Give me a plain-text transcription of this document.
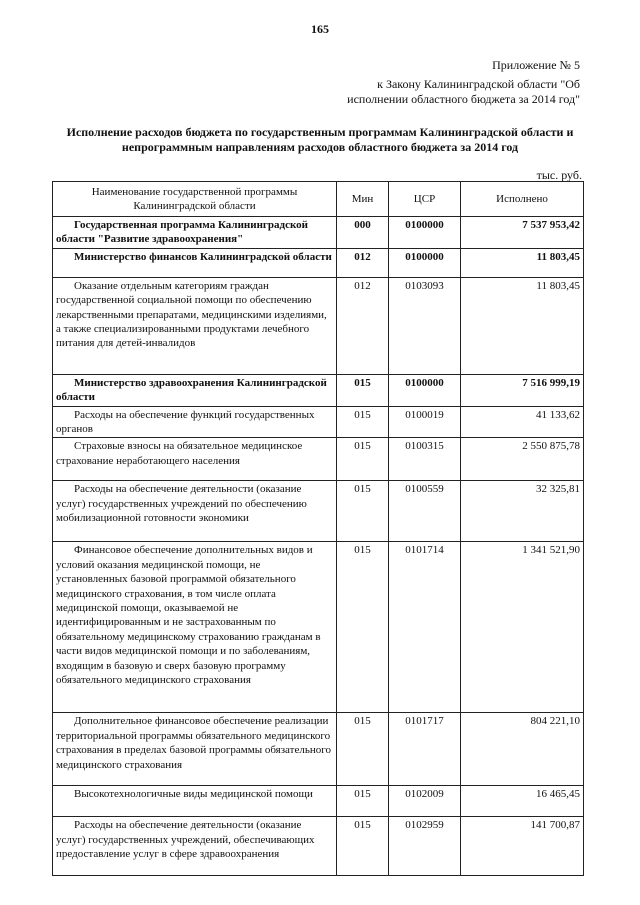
165
Приложение № 5
к Закону Калининградской области "Об
исполнении областного бюджета за 2014 год"
Исполнение расходов бюджета по государственным программам Калининградской области и
непрограммным направлениям расходов областного бюджета за 2014 год
тыс. руб.
Наименование государственной программы Калининградской области	Мин	ЦСР	Исполнено
Государственная программа Калининградской области "Развитие здравоохранения"	000	0100000	7 537 953,42
Министерство финансов Калининградской области	012	0100000	11 803,45
Оказание отдельным категориям граждан государственной социальной помощи по обеспечению лекарственными препаратами, медицинскими изделиями, а также специализированными продуктами лечебного питания для детей-инвалидов	012	0103093	11 803,45
Министерство здравоохранения Калининградской области	015	0100000	7 516 999,19
Расходы на обеспечение функций государственных органов	015	0100019	41 133,62
Страховые взносы на обязательное медицинское страхование неработающего населения	015	0100315	2 550 875,78
Расходы на обеспечение деятельности (оказание услуг) государственных учреждений по обеспечению мобилизационной готовности экономики	015	0100559	32 325,81
Финансовое обеспечение дополнительных видов и условий оказания медицинской помощи, не установленных базовой программой обязательного медицинского страхования, в том числе оплата медицинской помощи, оказываемой не идентифицированным и не застрахованным по обязательному медицинскому страхованию гражданам в части видов медицинской помощи и по заболеваниям, входящим в базовую и сверх базовую программу обязательного медицинского страхования	015	0101714	1 341 521,90
Дополнительное финансовое обеспечение реализации территориальной программы обязательного медицинского страхования в пределах базовой программы обязательного медицинского страхования	015	0101717	804 221,10
Высокотехнологичные виды медицинской помощи	015	0102009	16 465,45
Расходы на обеспечение деятельности (оказание услуг) государственных учреждений, обеспечивающих предоставление услуг в сфере здравоохранения	015	0102959	141 700,87
